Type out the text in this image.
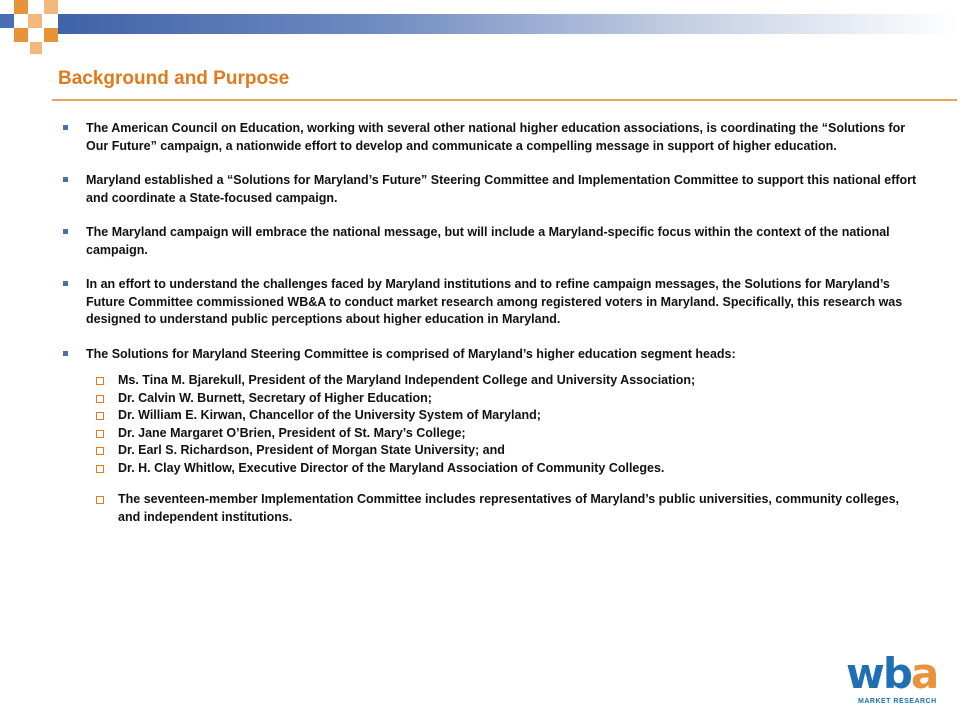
Background and Purpose
The American Council on Education, working with several other national higher education associations, is coordinating the “Solutions for Our Future” campaign, a nationwide effort to develop and communicate a compelling message in support of higher education.
Maryland established a “Solutions for Maryland’s Future” Steering Committee and Implementation Committee to support this national effort and coordinate a State-focused campaign.
The Maryland campaign will embrace the national message, but will include a Maryland-specific focus within the context of the national campaign.
In an effort to understand the challenges faced by Maryland institutions and to refine campaign messages, the Solutions for Maryland’s Future Committee commissioned WB&A to conduct market research among registered voters in Maryland. Specifically, this research was designed to understand public perceptions about higher education in Maryland.
The Solutions for Maryland Steering Committee is comprised of Maryland’s higher education segment heads:
Ms. Tina M. Bjarekull, President of the Maryland Independent College and University Association;
Dr. Calvin W. Burnett, Secretary of Higher Education;
Dr. William E. Kirwan, Chancellor of the University System of Maryland;
Dr. Jane Margaret O’Brien, President of St. Mary’s College;
Dr. Earl S. Richardson, President of Morgan State University; and
Dr. H. Clay Whitlow, Executive Director of the Maryland Association of Community Colleges.
The seventeen-member Implementation Committee includes representatives of Maryland’s public universities, community colleges, and independent institutions.
wba
MARKET RESEARCH
